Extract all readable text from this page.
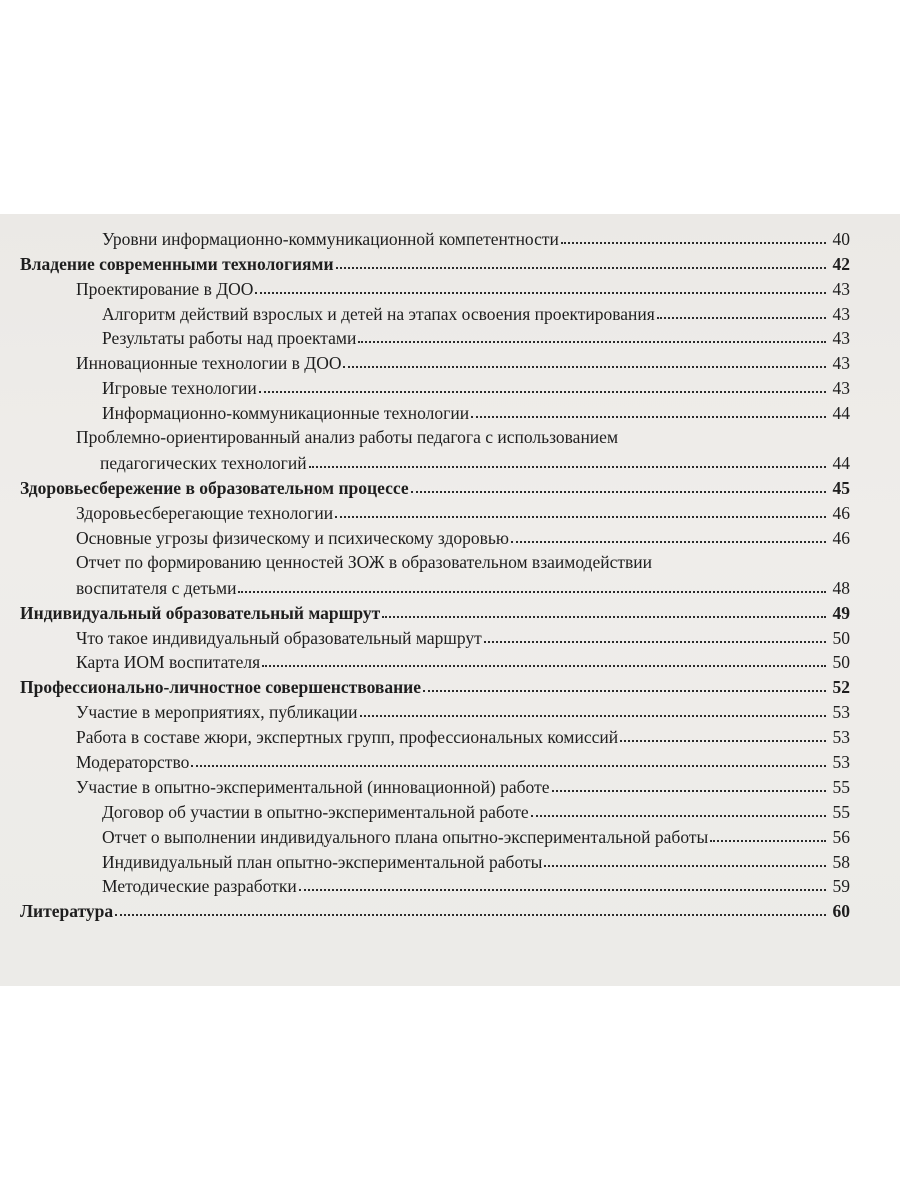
Уровни информационно-коммуникационной компетентности	40
Владение современными технологиями	42
Проектирование в ДОО	43
Алгоритм действий взрослых и детей на этапах освоения проектирования	43
Результаты работы над проектами	43
Инновационные технологии в ДОО	43
Игровые технологии	43
Информационно-коммуникационные технологии	44
Проблемно-ориентированный анализ работы педагога с использованием
педагогических технологий	44
Здоровьесбережение в образовательном процессе	45
Здоровьесберегающие технологии	46
Основные угрозы физическому и психическому здоровью	46
Отчет по формированию ценностей ЗОЖ в образовательном взаимодействии
воспитателя с детьми	48
Индивидуальный образовательный маршрут	49
Что такое индивидуальный образовательный маршрут	50
Карта ИОМ воспитателя	50
Профессионально-личностное совершенствование	52
Участие в мероприятиях, публикации	53
Работа в составе жюри, экспертных групп, профессиональных комиссий	53
Модераторство	53
Участие в опытно-экспериментальной (инновационной) работе	55
Договор об участии в опытно-экспериментальной работе	55
Отчет о выполнении индивидуального плана опытно-экспериментальной работы	56
Индивидуальный план опытно-экспериментальной работы	58
Методические разработки	59
Литература	60
